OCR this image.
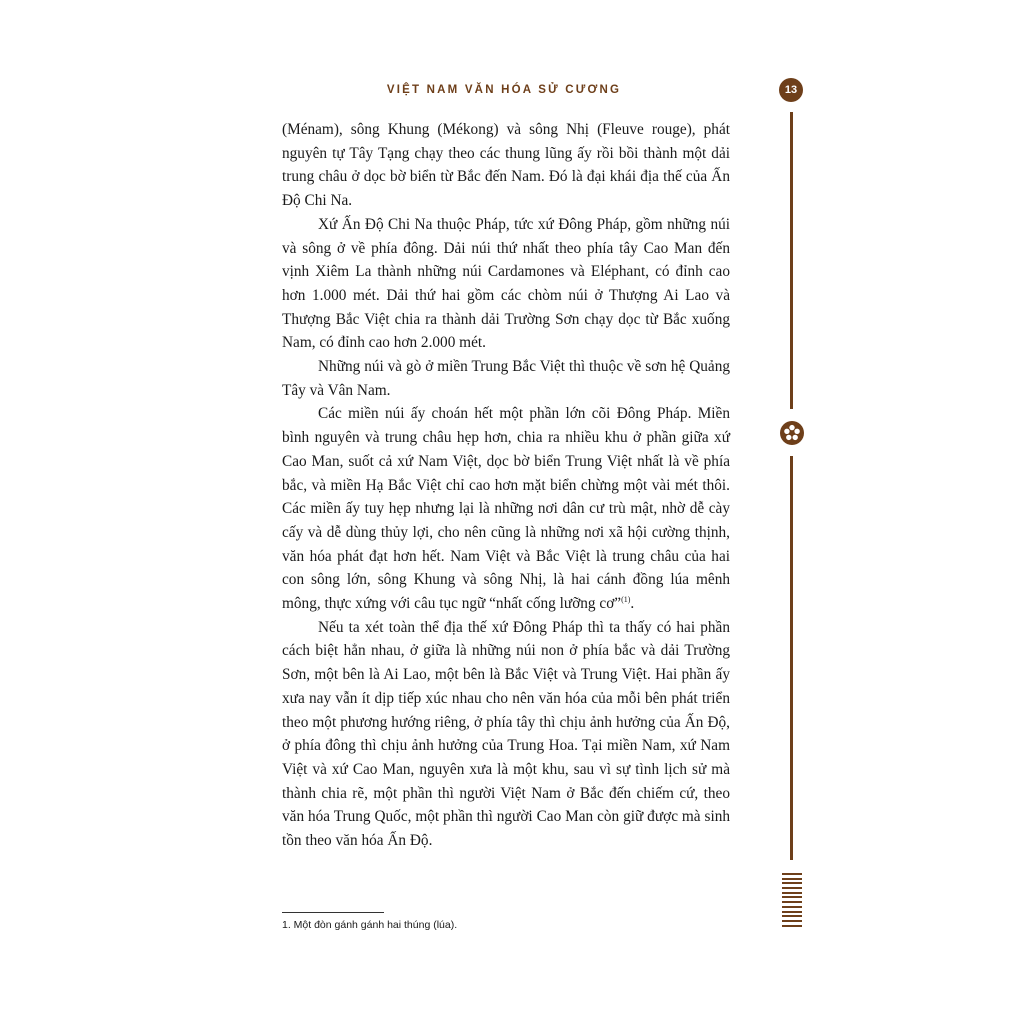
VIỆT NAM VĂN HÓA SỬ CƯƠNG	13

(Ménam), sông Khung (Mékong) và sông Nhị (Fleuve rouge), phát nguyên tự Tây Tạng chạy theo các thung lũng ấy rồi bồi thành một dải trung châu ở dọc bờ biển từ Bắc đến Nam. Đó là đại khái địa thế của Ấn Độ Chi Na.

Xứ Ấn Độ Chi Na thuộc Pháp, tức xứ Đông Pháp, gồm những núi và sông ở về phía đông. Dải núi thứ nhất theo phía tây Cao Man đến vịnh Xiêm La thành những núi Cardamones và Eléphant, có đỉnh cao hơn 1.000 mét. Dải thứ hai gồm các chòm núi ở Thượng Ai Lao và Thượng Bắc Việt chia ra thành dải Trường Sơn chạy dọc từ Bắc xuống Nam, có đỉnh cao hơn 2.000 mét.

Những núi và gò ở miền Trung Bắc Việt thì thuộc về sơn hệ Quảng Tây và Vân Nam.

Các miền núi ấy choán hết một phần lớn cõi Đông Pháp. Miền bình nguyên và trung châu hẹp hơn, chia ra nhiều khu ở phần giữa xứ Cao Man, suốt cả xứ Nam Việt, dọc bờ biển Trung Việt nhất là về phía bắc, và miền Hạ Bắc Việt chỉ cao hơn mặt biển chừng một vài mét thôi. Các miền ấy tuy hẹp nhưng lại là những nơi dân cư trù mật, nhờ dễ cày cấy và dễ dùng thủy lợi, cho nên cũng là những nơi xã hội cường thịnh, văn hóa phát đạt hơn hết. Nam Việt và Bắc Việt là trung châu của hai con sông lớn, sông Khung và sông Nhị, là hai cánh đồng lúa mênh mông, thực xứng với câu tục ngữ “nhất cống lưỡng cơ”$^{(1)}$.

Nếu ta xét toàn thể địa thế xứ Đông Pháp thì ta thấy có hai phần cách biệt hẳn nhau, ở giữa là những núi non ở phía bắc và dải Trường Sơn, một bên là Ai Lao, một bên là Bắc Việt và Trung Việt. Hai phần ấy xưa nay vẫn ít dịp tiếp xúc nhau cho nên văn hóa của mỗi bên phát triển theo một phương hướng riêng, ở phía tây thì chịu ảnh hưởng của Ấn Độ, ở phía đông thì chịu ảnh hưởng của Trung Hoa. Tại miền Nam, xứ Nam Việt và xứ Cao Man, nguyên xưa là một khu, sau vì sự tình lịch sử mà thành chia rẽ, một phần thì người Việt Nam ở Bắc đến chiếm cứ, theo văn hóa Trung Quốc, một phần thì người Cao Man còn giữ được mà sinh tồn theo văn hóa Ấn Độ.

1. Một đòn gánh gánh hai thúng (lúa).
